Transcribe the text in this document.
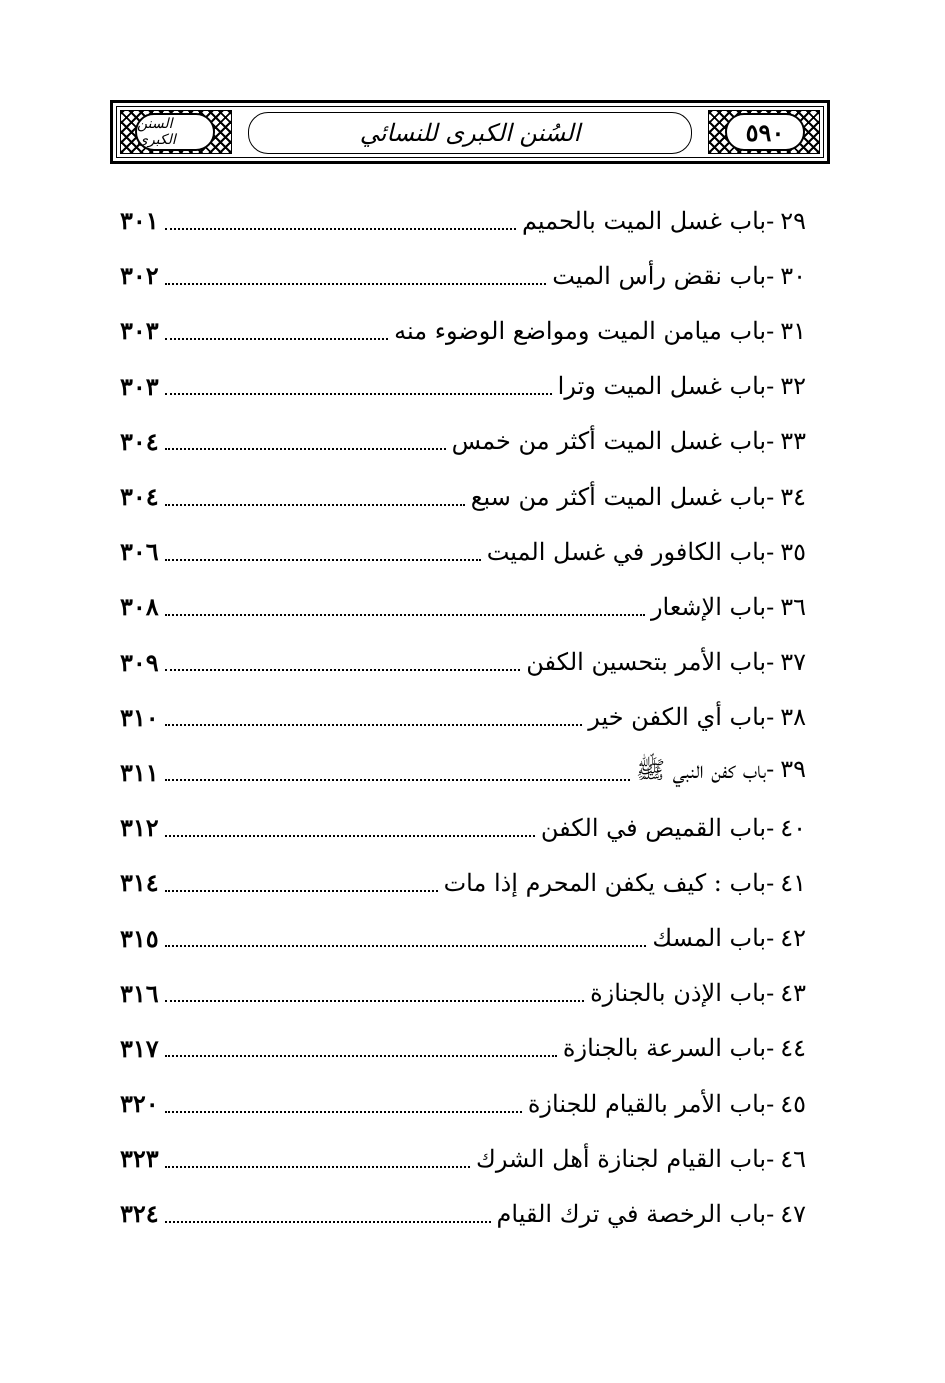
السنن الكبرى	السُنن الكبرى للنسائي	٥٩٠
٢٩
-
باب غسل الميت بالحميم
٣٠١
٣٠
-
باب نقض رأس الميت
٣٠٢
٣١
-
باب ميامن الميت ومواضع الوضوء منه
٣٠٣
٣٢
-
باب غسل الميت وترا
٣٠٣
٣٣
-
باب غسل الميت أكثر من خمس
٣٠٤
٣٤
-
باب غسل الميت أكثر من سبع
٣٠٤
٣٥
-
باب الكافور في غسل الميت
٣٠٦
٣٦
-
باب الإشعار
٣٠٨
٣٧
-
باب الأمر بتحسين الكفن
٣٠٩
٣٨
-
باب أي الكفن خير
٣١٠
٣٩
-
باب كفن النبي ﷺ
٣١١
٤٠
-
باب القميص في الكفن
٣١٢
٤١
-
باب : كيف يكفن المحرم إذا مات
٣١٤
٤٢
-
باب المسك
٣١٥
٤٣
-
باب الإذن بالجنازة
٣١٦
٤٤
-
باب السرعة بالجنازة
٣١٧
٤٥
-
باب الأمر بالقيام للجنازة
٣٢٠
٤٦
-
باب القيام لجنازة أهل الشرك
٣٢٣
٤٧
-
باب الرخصة في ترك القيام
٣٢٤
